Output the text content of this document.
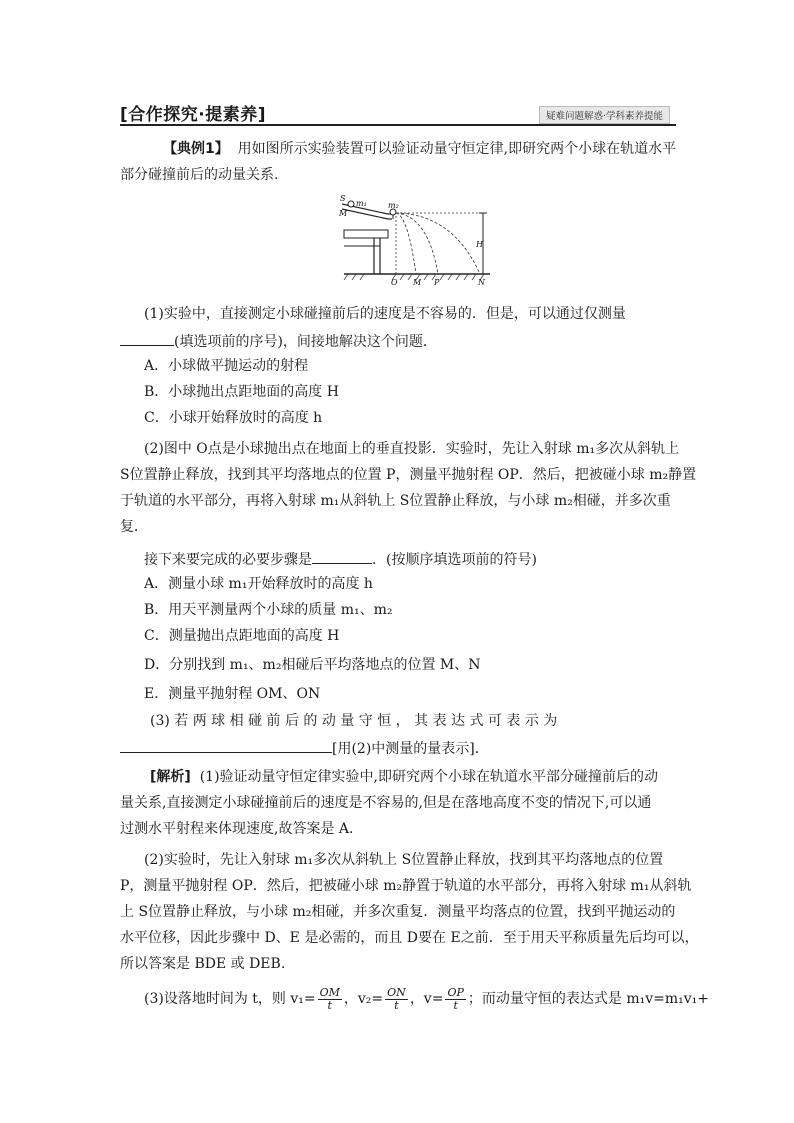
[合作探究·提素养]	疑难问题解惑·学科素养提能
【典例1】 用如图所示实验装置可以验证动量守恒定律,即研究两个小球在轨道水平
部分碰撞前后的动量关系.
S
M
m₁	m₂
H
O M P	N
(1)实验中，直接测定小球碰撞前后的速度是不容易的．但是，可以通过仅测量
(填选项前的序号)，间接地解决这个问题．
A．小球做平抛运动的射程
B．小球抛出点距地面的高度 H
C．小球开始释放时的高度 h
(2)图中 O点是小球抛出点在地面上的垂直投影．实验时，先让入射球 m₁多次从斜轨上
S位置静止释放，找到其平均落地点的位置 P，测量平抛射程 OP．然后，把被碰小球 m₂静置
于轨道的水平部分，再将入射球 m₁从斜轨上 S位置静止释放，与小球 m₂相碰，并多次重
复．
接下来要完成的必要步骤是	．(按顺序填选项前的符号)
A．测量小球 m₁开始释放时的高度 h
B．用天平测量两个小球的质量 m₁、m₂
C．测量抛出点距地面的高度 H
D．分别找到 m₁、m₂相碰后平均落地点的位置 M、N
E．测量平抛射程 OM、ON
(3) 若 两 球 相 碰 前 后 的 动 量 守 恒 ， 其 表 达 式 可 表 示 为
[用(2)中测量的量表示]．
[解析] (1)验证动量守恒定律实验中,即研究两个小球在轨道水平部分碰撞前后的动
量关系,直接测定小球碰撞前后的速度是不容易的,但是在落地高度不变的情况下,可以通
过测水平射程来体现速度,故答案是 A.
(2)实验时，先让入射球 m₁多次从斜轨上 S位置静止释放，找到其平均落地点的位置
P，测量平抛射程 OP．然后，把被碰小球 m₂静置于轨道的水平部分，再将入射球 m₁从斜轨
上 S位置静止释放，与小球 m₂相碰，并多次重复．测量平均落点的位置，找到平抛运动的
水平位移，因此步骤中 D、E 是必需的，而且 D要在 E之前．至于用天平称质量先后均可以，
所以答案是 BDE 或 DEB.
(3)设落地时间为 t，则 $v_1= \frac{OM}{t}$ ，$v_2= \frac{ON}{t}$ ，$v= \frac{OP}{t}$ ；而动量守恒的表达式是 m₁v=m₁v₁+
